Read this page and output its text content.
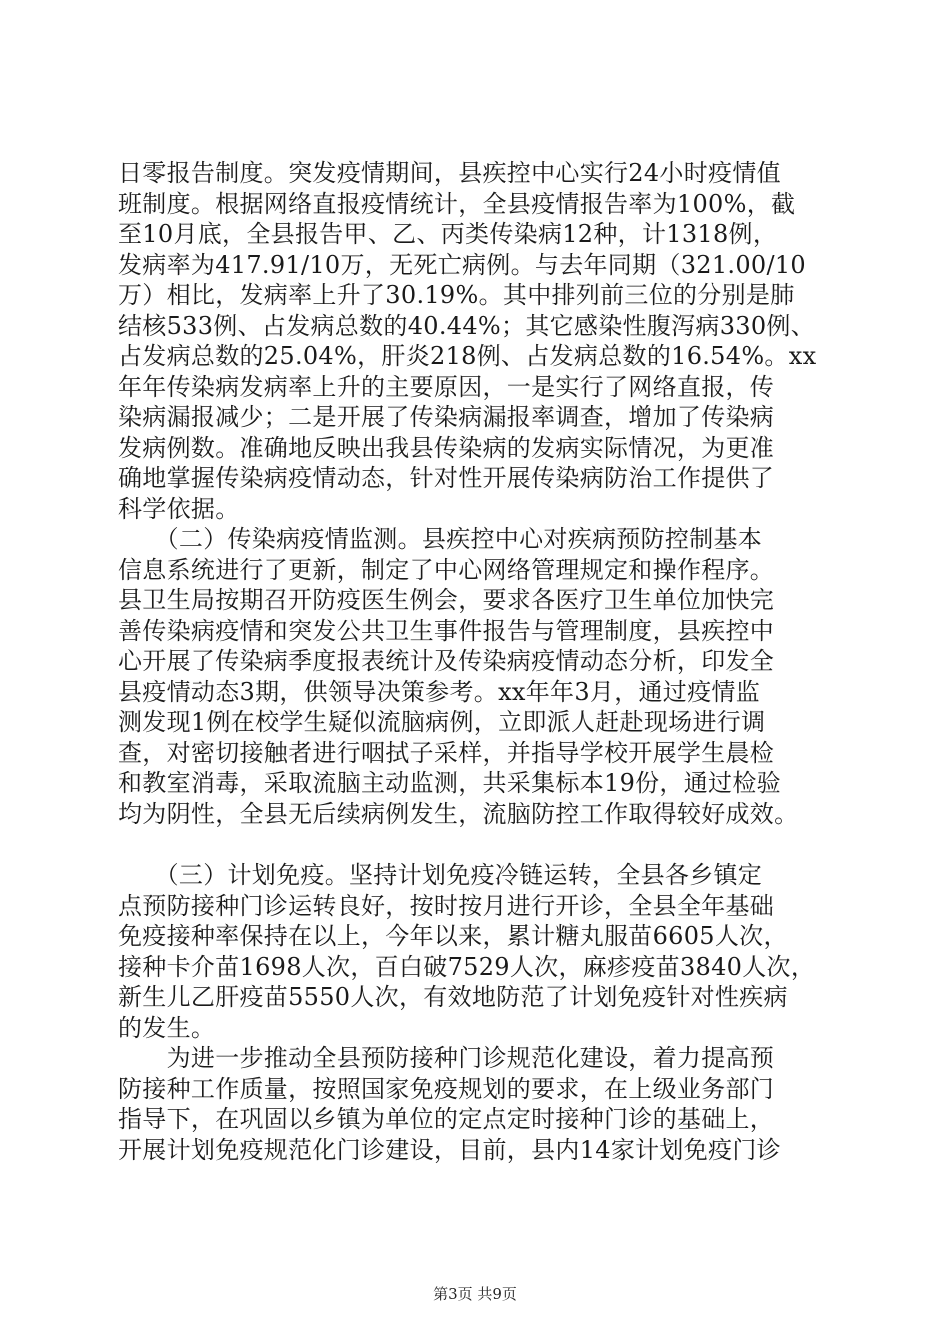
日零报告制度。突发疫情期间，县疾控中心实行24小时疫情值
班制度。根据网络直报疫情统计，全县疫情报告率为100%，截
至10月底，全县报告甲、乙、丙类传染病12种，计1318例，
发病率为417.91/10万，无死亡病例。与去年同期（321.00/10
万）相比，发病率上升了30.19%。其中排列前三位的分别是肺
结核533例、占发病总数的40.44%；其它感染性腹泻病330例、
占发病总数的25.04%，肝炎218例、占发病总数的16.54%。xx
年年传染病发病率上升的主要原因，一是实行了网络直报，传
染病漏报减少；二是开展了传染病漏报率调查，增加了传染病
发病例数。准确地反映出我县传染病的发病实际情况，为更准
确地掌握传染病疫情动态，针对性开展传染病防治工作提供了
科学依据。

　　（二）传染病疫情监测。县疾控中心对疾病预防控制基本
信息系统进行了更新，制定了中心网络管理规定和操作程序。
县卫生局按期召开防疫医生例会，要求各医疗卫生单位加快完
善传染病疫情和突发公共卫生事件报告与管理制度，县疾控中
心开展了传染病季度报表统计及传染病疫情动态分析，印发全
县疫情动态3期，供领导决策参考。xx年年3月，通过疫情监
测发现1例在校学生疑似流脑病例，立即派人赶赴现场进行调
查，对密切接触者进行咽拭子采样，并指导学校开展学生晨检
和教室消毒，采取流脑主动监测，共采集标本19份，通过检验
均为阴性，全县无后续病例发生，流脑防控工作取得较好成效。

　　（三）计划免疫。坚持计划免疫冷链运转，全县各乡镇定
点预防接种门诊运转良好，按时按月进行开诊，全县全年基础
免疫接种率保持在以上，今年以来，累计糖丸服苗6605人次，
接种卡介苗1698人次，百白破7529人次，麻疹疫苗3840人次，
新生儿乙肝疫苗5550人次，有效地防范了计划免疫针对性疾病
的发生。

　　为进一步推动全县预防接种门诊规范化建设，着力提高预
防接种工作质量，按照国家免疫规划的要求，在上级业务部门
指导下，在巩固以乡镇为单位的定点定时接种门诊的基础上，
开展计划免疫规范化门诊建设，目前，县内14家计划免疫门诊

第3页 共9页
